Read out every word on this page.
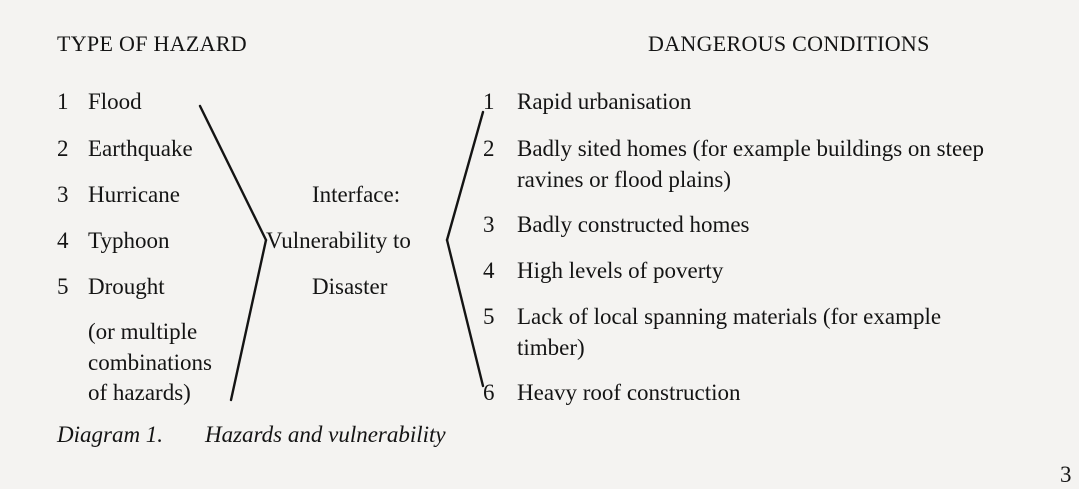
TYPE OF HAZARD	DANGEROUS CONDITIONS
1 Flood
2 Earthquake
3 Hurricane
4 Typhoon
5 Drought
(or multiple
combinations
of hazards)
Interface:
Vulnerability to
Disaster
1 Rapid urbanisation
2 Badly sited homes (for example buildings on steep
ravines or flood plains)
3 Badly constructed homes
4 High levels of poverty
5 Lack of local spanning materials (for example
timber)
6 Heavy roof construction
Diagram 1. Hazards and vulnerability
3
